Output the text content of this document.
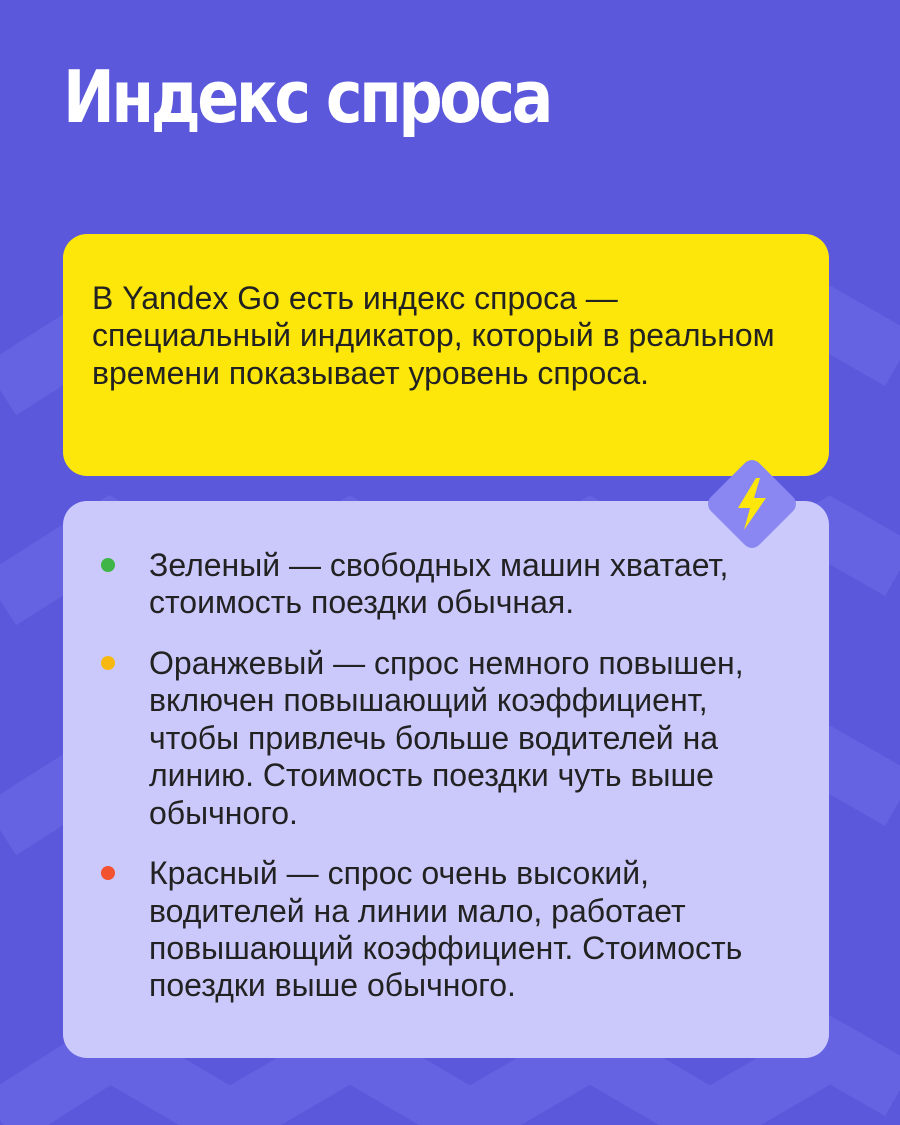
Индекс спроса

В Yandex Go есть индекс спроса — специальный индикатор, который в реальном времени показывает уровень спроса.

Зеленый — свободных машин хватает, стоимость поездки обычная.

Оранжевый — спрос немного повышен, включен повышающий коэффициент, чтобы привлечь больше водителей на линию. Стоимость поездки чуть выше обычного.

Красный — спрос очень высокий, водителей на линии мало, работает повышающий коэффициент. Стоимость поездки выше обычного.
